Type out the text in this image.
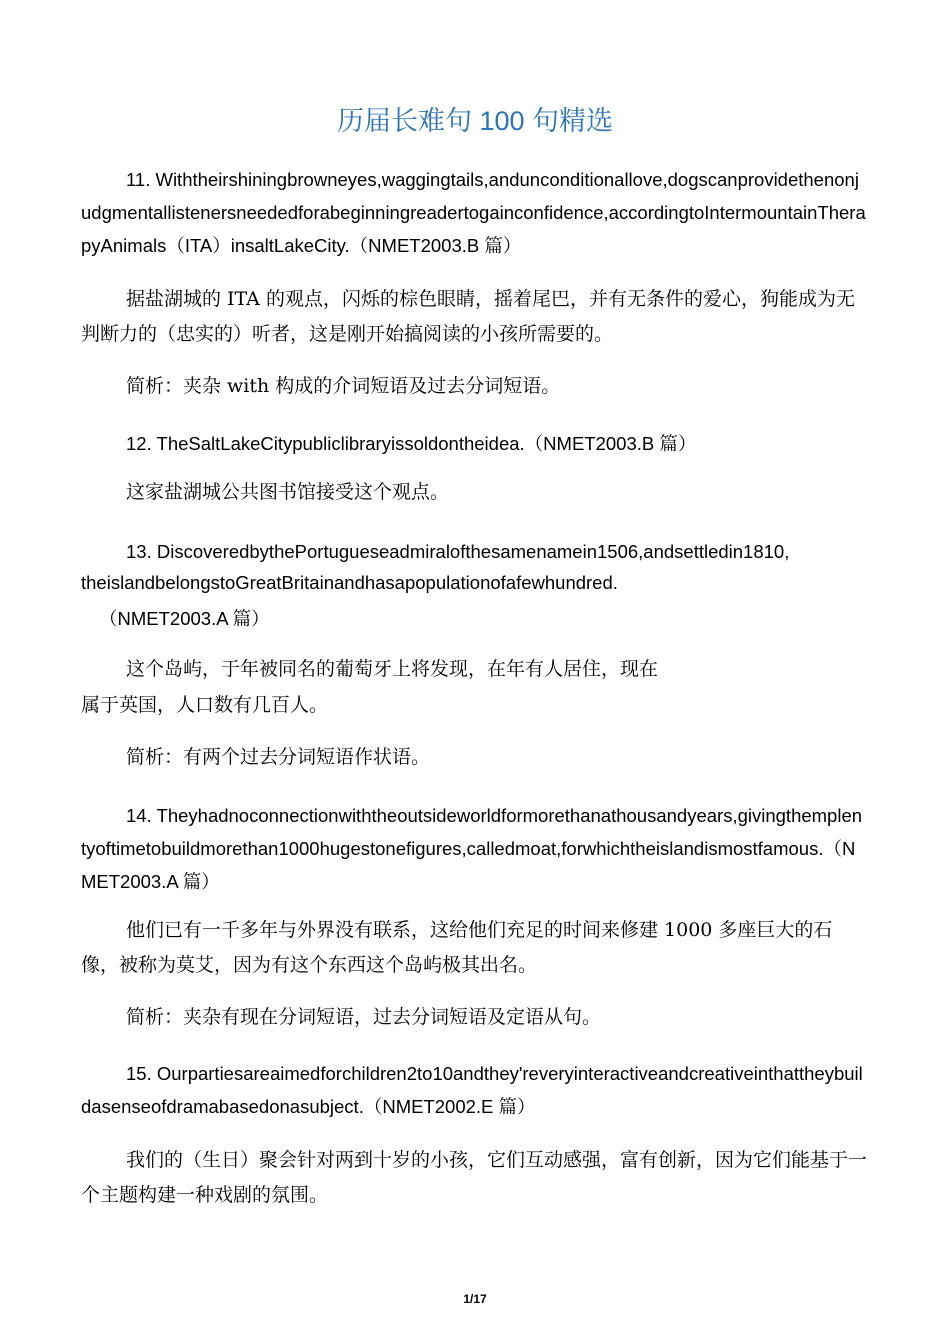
历届长难句 100 句精选
11. Withtheirshiningbrowneyes,waggingtails,andunconditionallove,dogscanprovidethenonjudgmentallistenersneededforabeginningreadertogainconfidence,accordingtoIntermountainTherapyAnimals（ITA）insaltLakeCity.（NMET2003.B 篇）
据盐湖城的 ITA 的观点，闪烁的棕色眼睛，摇着尾巴，并有无条件的爱心，狗能成为无判断力的（忠实的）听者，这是刚开始搞阅读的小孩所需要的。
简析：夹杂 with 构成的介词短语及过去分词短语。
12. TheSaltLakeCitypubliclibraryissoldontheidea.（NMET2003.B 篇）
这家盐湖城公共图书馆接受这个观点。
13. DiscoveredbythePortugueseadmiralofthesamenamein1506,andsettledin1810,
theislandbelongstoGreatBritainandhasapopulationofafewhundred.
（NMET2003.A 篇）
这个岛屿，于年被同名的葡萄牙上将发现，在年有人居住，现在
属于英国，人口数有几百人。
简析：有两个过去分词短语作状语。
14. Theyhadnoconnectionwiththeoutsideworldformorethanathousandyears,givingthemplentyoftimetobuildmorethan1000hugestonefigures,calledmoat,forwhichtheislandismostfamous.（NMET2003.A 篇）
他们已有一千多年与外界没有联系，这给他们充足的时间来修建 1000 多座巨大的石像，被称为莫艾，因为有这个东西这个岛屿极其出名。
简析：夹杂有现在分词短语，过去分词短语及定语从句。
15. Ourpartiesareaimedforchildren2to10andthey'reveryinteractiveandcreativeinthattheybuildasenseofdramabasedonasubject.（NMET2002.E 篇）
我们的（生日）聚会针对两到十岁的小孩，它们互动感强，富有创新，因为它们能基于一个主题构建一种戏剧的氛围。
1/17
